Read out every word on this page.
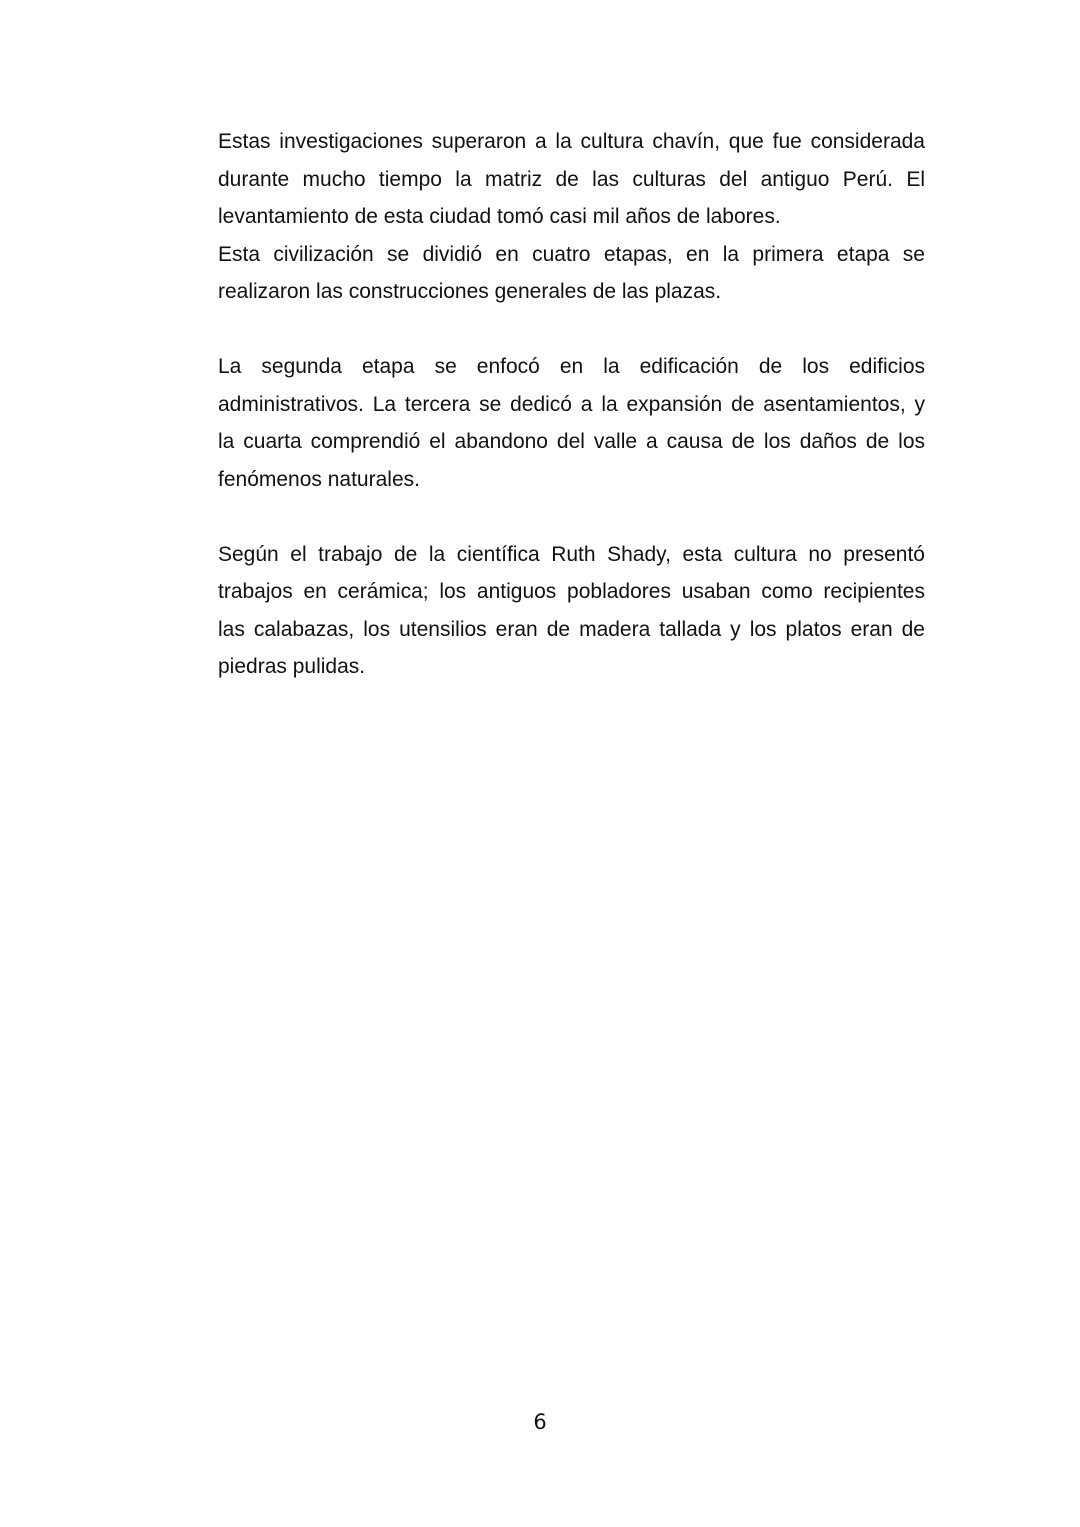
Estas investigaciones superaron a la cultura chavín, que fue considerada
durante mucho tiempo la matriz de las culturas del antiguo Perú. El
levantamiento de esta ciudad tomó casi mil años de labores.
Esta civilización se dividió en cuatro etapas, en la primera etapa se
realizaron las construcciones generales de las plazas.

La segunda etapa se enfocó en la edificación de los edificios
administrativos. La tercera se dedicó a la expansión de asentamientos, y
la cuarta comprendió el abandono del valle a causa de los daños de los
fenómenos naturales.

Según el trabajo de la científica Ruth Shady, esta cultura no presentó
trabajos en cerámica; los antiguos pobladores usaban como recipientes
las calabazas, los utensilios eran de madera tallada y los platos eran de
piedras pulidas.

6
